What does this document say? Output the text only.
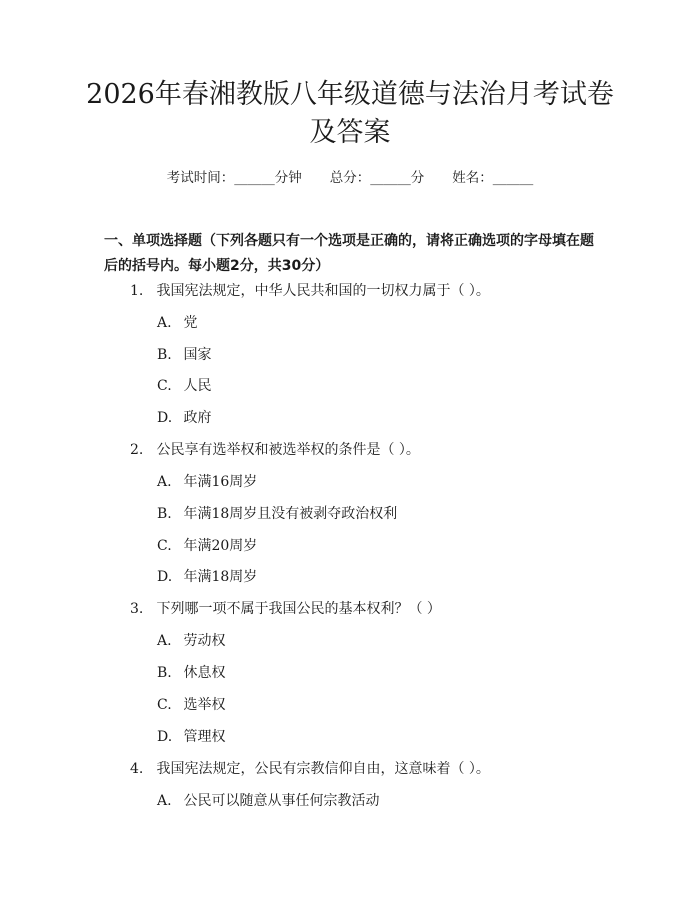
2026年春湘教版八年级道德与法治月考试卷
及答案
考试时间：______分钟 总分：______分 姓名：______

一、单项选择题（下列各题只有一个选项是正确的，请将正确选项的字母填在题后的括号内。每小题2分，共30分）

1. 我国宪法规定，中华人民共和国的一切权力属于（ ）。
A. 党
B. 国家
C. 人民
D. 政府
2. 公民享有选举权和被选举权的条件是（ ）。
A. 年满16周岁
B. 年满18周岁且没有被剥夺政治权利
C. 年满20周岁
D. 年满18周岁
3. 下列哪一项不属于我国公民的基本权利？（ ）
A. 劳动权
B. 休息权
C. 选举权
D. 管理权
4. 我国宪法规定，公民有宗教信仰自由，这意味着（ ）。
A. 公民可以随意从事任何宗教活动
